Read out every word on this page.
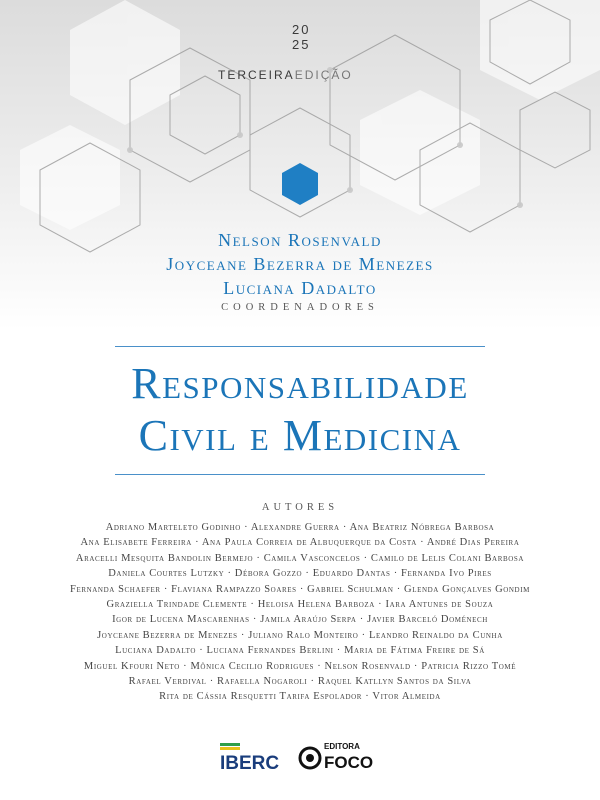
20
25
TERCEIRAEDIÇÃO
Nelson Rosenvald
Joyceane Bezerra de Menezes
Luciana Dadalto
COORDENADORES
Responsabilidade
Civil e Medicina
AUTORES
Adriano Marteleto Godinho · Alexandre Guerra · Ana Beatriz Nóbrega Barbosa
Ana Elisabete Ferreira · Ana Paula Correia de Albuquerque da Costa · André Dias Pereira
Aracelli Mesquita Bandolin Bermejo · Camila Vasconcelos · Camilo de Lelis Colani Barbosa
Daniela Courtes Lutzky · Débora Gozzo · Eduardo Dantas · Fernanda Ivo Pires
Fernanda Schaefer · Flaviana Rampazzo Soares · Gabriel Schulman · Glenda Gonçalves Gondim
Graziella Trindade Clemente · Heloisa Helena Barboza · Iara Antunes de Souza
Igor de Lucena Mascarenhas · Jamila Araújo Serpa · Javier Barceló Doménech
Joyceane Bezerra de Menezes · Juliano Ralo Monteiro · Leandro Reinaldo da Cunha
Luciana Dadalto · Luciana Fernandes Berlini · Maria de Fátima Freire de Sá
Miguel Kfouri Neto · Mônica Cecilio Rodrigues · Nelson Rosenvald · Patricia Rizzo Tomé
Rafael Verdival · Rafaella Nogaroli · Raquel Katllyn Santos da Silva
Rita de Cássia Resquetti Tarifa Espolador · Vitor Almeida
IBERC
EDITORA
FOCO
